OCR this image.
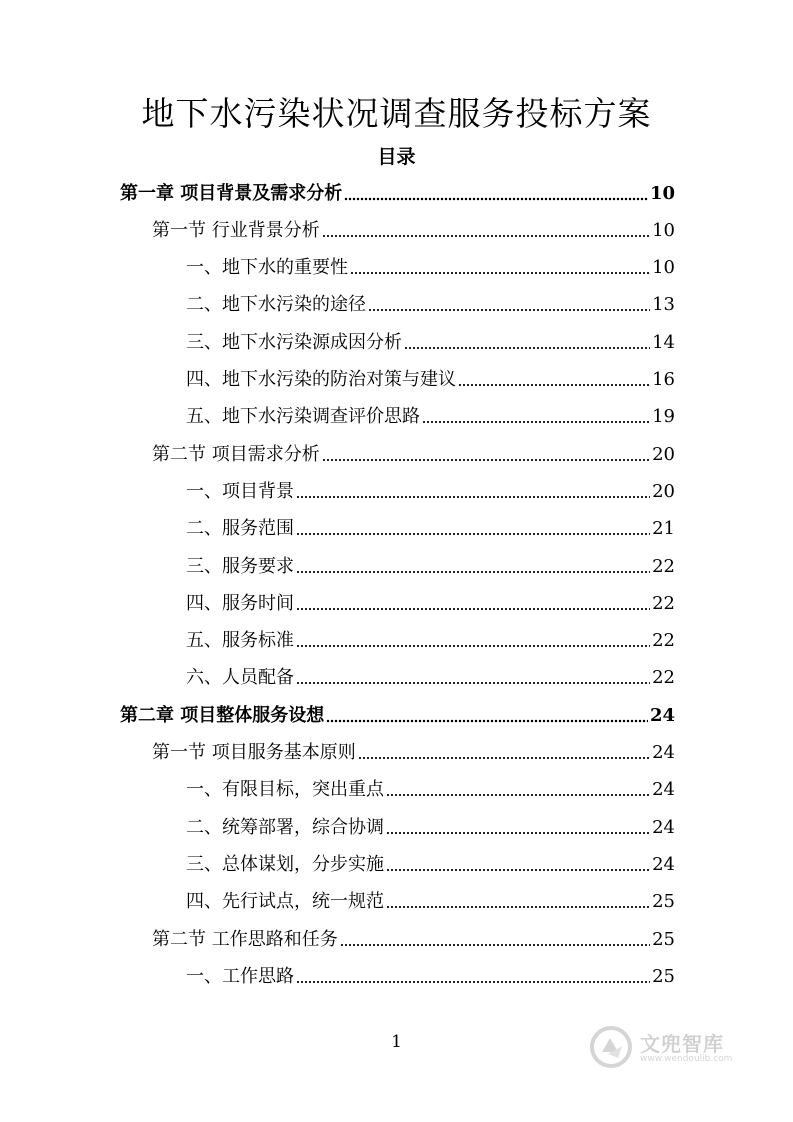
地下水污染状况调查服务投标方案
目录
第一章 项目背景及需求分析	10
第一节 行业背景分析	10
一、地下水的重要性	10
二、地下水污染的途径	13
三、地下水污染源成因分析	14
四、地下水污染的防治对策与建议	16
五、地下水污染调查评价思路	19
第二节 项目需求分析	20
一、项目背景	20
二、服务范围	21
三、服务要求	22
四、服务时间	22
五、服务标准	22
六、人员配备	22
第二章 项目整体服务设想	24
第一节 项目服务基本原则	24
一、有限目标，突出重点	24
二、统筹部署，综合协调	24
三、总体谋划，分步实施	24
四、先行试点，统一规范	25
第二节 工作思路和任务	25
一、工作思路	25
1	文兜智库
www.wendoulib.com
